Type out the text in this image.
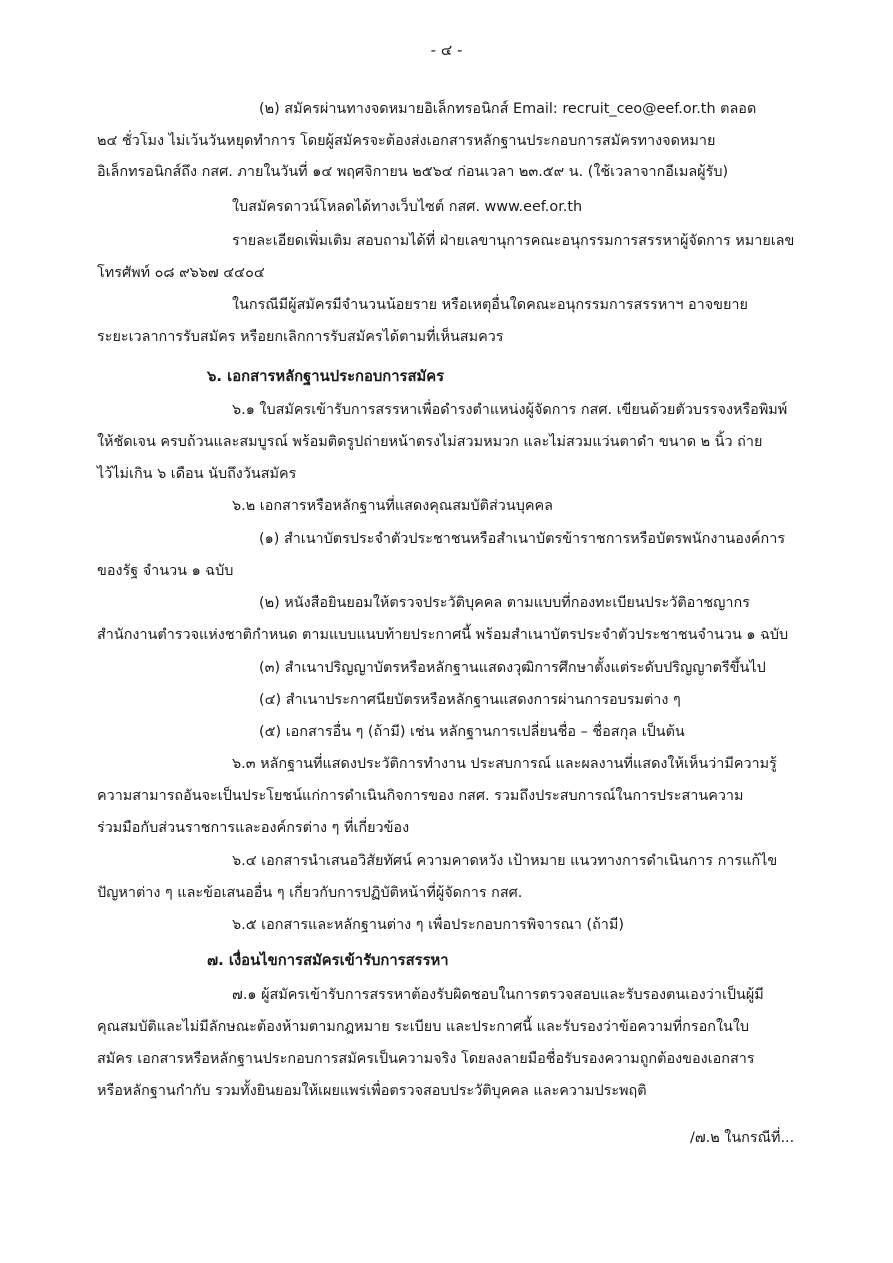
- ๔ -
(๒) สมัครผ่านทางจดหมายอิเล็กทรอนิกส์ Email: recruit_ceo@eef.or.th ตลอด
๒๔ ชั่วโมง ไม่เว้นวันหยุดทำการ โดยผู้สมัครจะต้องส่งเอกสารหลักฐานประกอบการสมัครทางจดหมาย
อิเล็กทรอนิกส์ถึง กสศ. ภายในวันที่ ๑๔ พฤศจิกายน ๒๕๖๔ ก่อนเวลา ๒๓.๕๙ น. (ใช้เวลาจากอีเมลผู้รับ)
ใบสมัครดาวน์โหลดได้ทางเว็บไซต์ กสศ. www.eef.or.th
รายละเอียดเพิ่มเติม สอบถามได้ที่ ฝ่ายเลขานุการคณะอนุกรรมการสรรหาผู้จัดการ หมายเลข
โทรศัพท์ ๐๘ ๙๖๖๗ ๔๔๐๔
ในกรณีมีผู้สมัครมีจำนวนน้อยราย หรือเหตุอื่นใดคณะอนุกรรมการสรรหาฯ อาจขยาย
ระยะเวลาการรับสมัคร หรือยกเลิกการรับสมัครได้ตามที่เห็นสมควร
๖. เอกสารหลักฐานประกอบการสมัคร
๖.๑ ใบสมัครเข้ารับการสรรหาเพื่อดำรงตำแหน่งผู้จัดการ กสศ. เขียนด้วยตัวบรรจงหรือพิมพ์
ให้ชัดเจน ครบถ้วนและสมบูรณ์ พร้อมติดรูปถ่ายหน้าตรงไม่สวมหมวก และไม่สวมแว่นตาดำ ขนาด ๒ นิ้ว ถ่าย
ไว้ไม่เกิน ๖ เดือน นับถึงวันสมัคร
๖.๒ เอกสารหรือหลักฐานที่แสดงคุณสมบัติส่วนบุคคล
(๑) สำเนาบัตรประจำตัวประชาชนหรือสำเนาบัตรข้าราชการหรือบัตรพนักงานองค์การ
ของรัฐ จำนวน ๑ ฉบับ
(๒) หนังสือยินยอมให้ตรวจประวัติบุคคล ตามแบบที่กองทะเบียนประวัติอาชญากร
สำนักงานตำรวจแห่งชาติกำหนด ตามแบบแนบท้ายประกาศนี้ พร้อมสำเนาบัตรประจำตัวประชาชนจำนวน ๑ ฉบับ
(๓) สำเนาปริญญาบัตรหรือหลักฐานแสดงวุฒิการศึกษาตั้งแต่ระดับปริญญาตรีขึ้นไป
(๔) สำเนาประกาศนียบัตรหรือหลักฐานแสดงการผ่านการอบรมต่าง ๆ
(๕) เอกสารอื่น ๆ (ถ้ามี) เช่น หลักฐานการเปลี่ยนชื่อ – ชื่อสกุล เป็นต้น
๖.๓ หลักฐานที่แสดงประวัติการทำงาน ประสบการณ์ และผลงานที่แสดงให้เห็นว่ามีความรู้
ความสามารถอันจะเป็นประโยชน์แก่การดำเนินกิจการของ กสศ. รวมถึงประสบการณ์ในการประสานความ
ร่วมมือกับส่วนราชการและองค์กรต่าง ๆ ที่เกี่ยวข้อง
๖.๔ เอกสารนำเสนอวิสัยทัศน์ ความคาดหวัง เป้าหมาย แนวทางการดำเนินการ การแก้ไข
ปัญหาต่าง ๆ และข้อเสนออื่น ๆ เกี่ยวกับการปฏิบัติหน้าที่ผู้จัดการ กสศ.
๖.๕ เอกสารและหลักฐานต่าง ๆ เพื่อประกอบการพิจารณา (ถ้ามี)
๗. เงื่อนไขการสมัครเข้ารับการสรรหา
๗.๑ ผู้สมัครเข้ารับการสรรหาต้องรับผิดชอบในการตรวจสอบและรับรองตนเองว่าเป็นผู้มี
คุณสมบัติและไม่มีลักษณะต้องห้ามตามกฎหมาย ระเบียบ และประกาศนี้ และรับรองว่าข้อความที่กรอกในใบ
สมัคร เอกสารหรือหลักฐานประกอบการสมัครเป็นความจริง โดยลงลายมือชื่อรับรองความถูกต้องของเอกสาร
หรือหลักฐานกำกับ รวมทั้งยินยอมให้เผยแพร่เพื่อตรวจสอบประวัติบุคคล และความประพฤติ
/๗.๒ ในกรณีที่...
